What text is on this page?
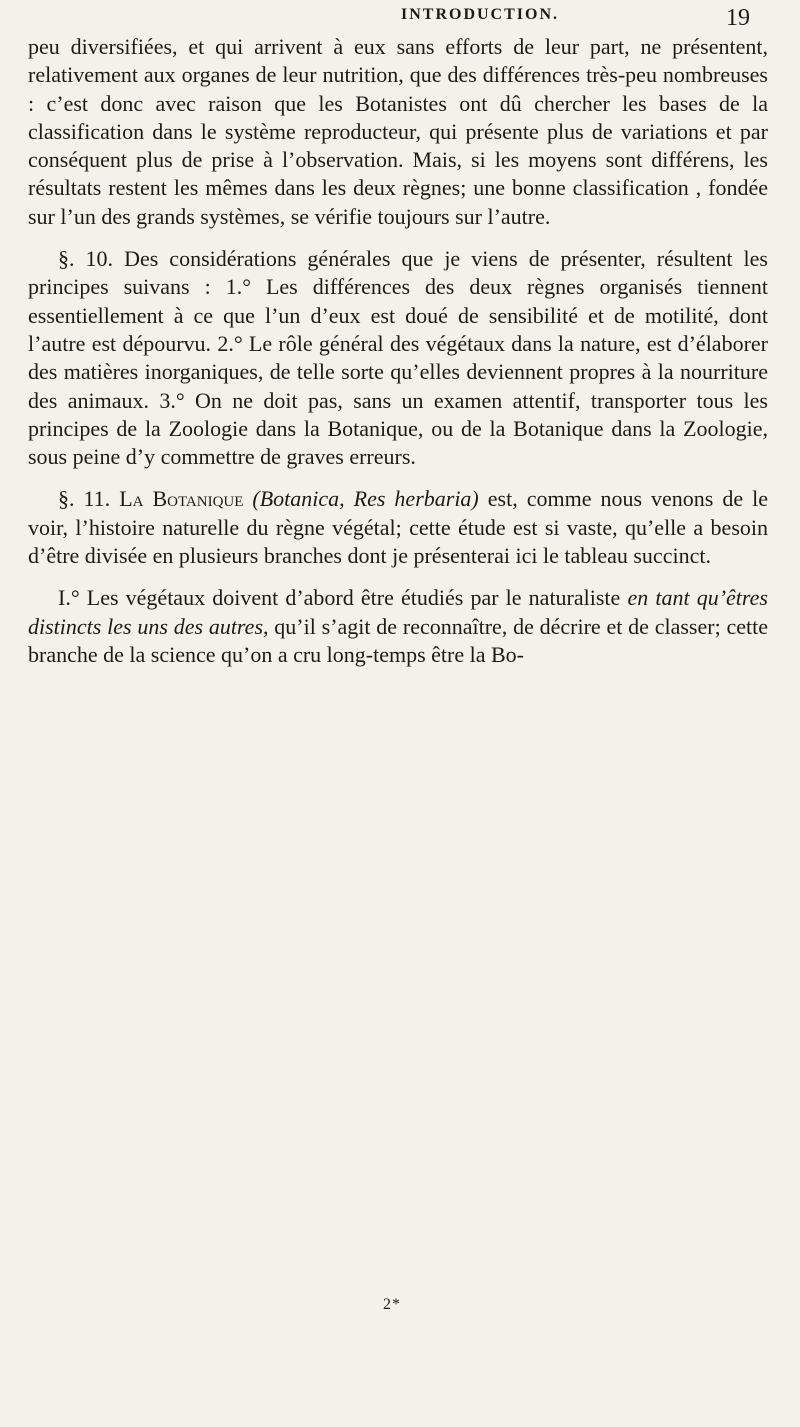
INTRODUCTION.	19

peu diversifiées, et qui arrivent à eux sans efforts de leur part, ne présentent, relativement aux organes de leur nutrition, que des différences très-peu nombreuses : c’est donc avec raison que les Botanistes ont dû chercher les bases de la classification dans le système reproducteur, qui présente plus de variations et par conséquent plus de prise à l’observation. Mais, si les moyens sont différens, les résultats restent les mêmes dans les deux règnes; une bonne classification , fondée sur l’un des grands systèmes, se vérifie toujours sur l’autre.

§. 10. Des considérations générales que je viens de présenter, résultent les principes suivans : 1.° Les différences des deux règnes organisés tiennent essentiellement à ce que l’un d’eux est doué de sensibilité et de motilité, dont l’autre est dépourvu. 2.° Le rôle général des végétaux dans la nature, est d’élaborer des matières inorganiques, de telle sorte qu’elles deviennent propres à la nourriture des animaux. 3.° On ne doit pas, sans un examen attentif, transporter tous les principes de la Zoologie dans la Botanique, ou de la Botanique dans la Zoologie, sous peine d’y commettre de graves erreurs.

§. 11. La Botanique (Botanica, Res herbaria) est, comme nous venons de le voir, l’histoire naturelle du règne végétal; cette étude est si vaste, qu’elle a besoin d’être divisée en plusieurs branches dont je présenterai ici le tableau succinct.

I.° Les végétaux doivent d’abord être étudiés par le naturaliste en tant qu’êtres distincts les uns des autres, qu’il s’agit de reconnaître, de décrire et de classer; cette branche de la science qu’on a cru long-temps être la Bo-

2*
